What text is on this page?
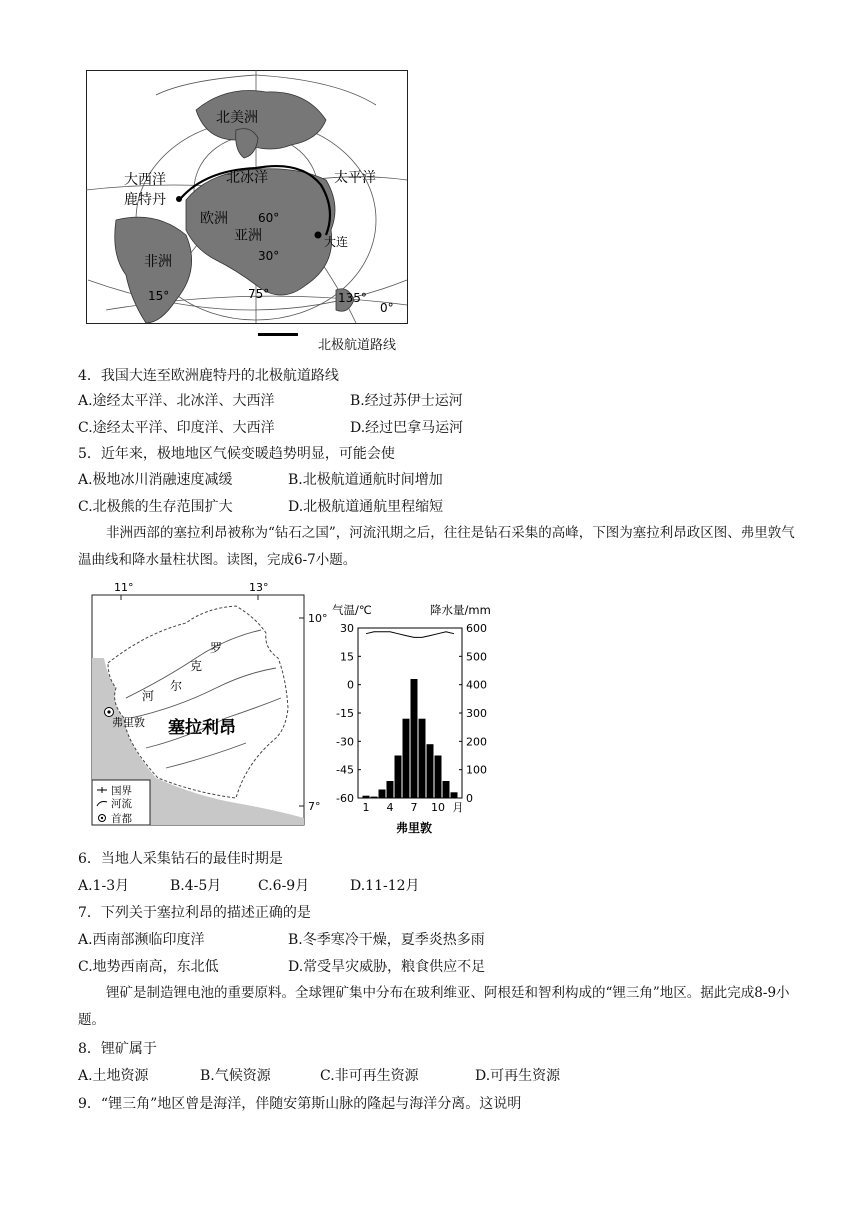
北美洲
大西洋	北冰洋	太平洋
鹿特丹
欧洲
亚洲
非洲
大连
60°
30°
15°	75°	135°
0°
北极航道路线
4．我国大连至欧洲鹿特丹的北极航道路线
A.途经太平洋、北冰洋、大西洋	B.经过苏伊士运河
C.途经太平洋、印度洋、大西洋	D.经过巴拿马运河
5．近年来，极地地区气候变暖趋势明显，可能会使
A.极地冰川消融速度减缓	B.北极航道通航时间增加
C.北极熊的生存范围扩大	D.北极航道通航里程缩短
非洲西部的塞拉利昂被称为“钻石之国”，河流汛期之后，往往是钻石采集的高峰，下图为塞拉利昂政区图、弗里敦气温曲线和降水量柱状图。读图，完成6-7小题。
11°	13°
10°
7°
罗
克
尔
河
弗里敦 塞拉利昂
国界
河流
首都
气温/℃	降水量/mm
30
15
0
-15
-30
-45
-60
600
500
400
300
200
100
0
1 4 7 10 月
弗里敦
6．当地人采集钻石的最佳时期是
A.1-3月	B.4-5月	C.6-9月	D.11-12月
7．下列关于塞拉利昂的描述正确的是
A.西南部濒临印度洋	B.冬季寒冷干燥，夏季炎热多雨
C.地势西南高，东北低	D.常受旱灾威胁，粮食供应不足
锂矿是制造锂电池的重要原料。全球锂矿集中分布在玻利维亚、阿根廷和智利构成的“锂三角”地区。据此完成8-9小题。
8．锂矿属于
A.土地资源	B.气候资源	C.非可再生资源	D.可再生资源
9．“锂三角”地区曾是海洋，伴随安第斯山脉的隆起与海洋分离。这说明
